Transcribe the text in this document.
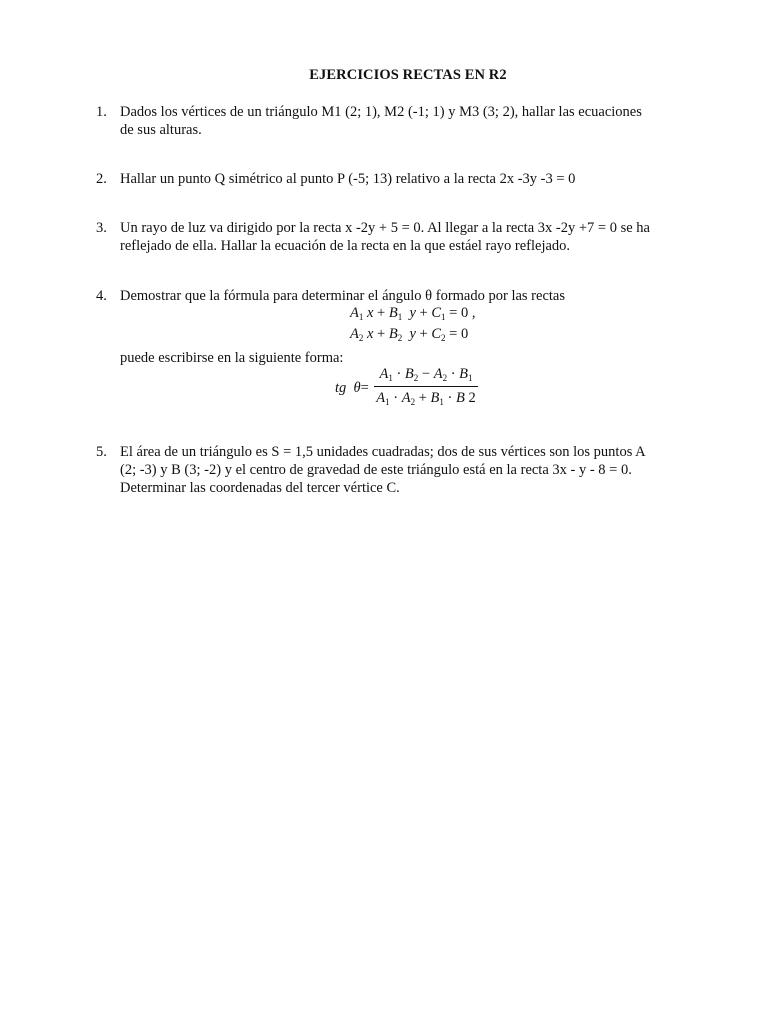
EJERCICIOS RECTAS EN R2
1. Dados los vértices de un triángulo M1 (2; 1), M2 (-1; 1) y M3 (3; 2), hallar las ecuaciones
de sus alturas.
2. Hallar un punto Q simétrico al punto P (-5; 13) relativo a la recta 2x -3y -3 = 0
3. Un rayo de luz va dirigido por la recta x -2y + 5 = 0. Al llegar a la recta 3x -2y +7 = 0 se ha
reflejado de ella. Hallar la ecuación de la recta en la que estáel rayo reflejado.
4. Demostrar que la fórmula para determinar el ángulo θ formado por las rectas
$A_1$ $x + B_1$ $y + C_1 = 0$ ,
$A_2$ $x + B_2$ $y + C_2 = 0$
puede escribirse en la siguiente forma:
tg θ=
$A_1 \cdot B_2 - A_2 \cdot B_1$
$A_1 \cdot A_2 + B_1 \cdot B$ 2
5. El área de un triángulo es S = 1,5 unidades cuadradas; dos de sus vértices son los puntos A
(2; -3) y B (3; -2) y el centro de gravedad de este triángulo está en la recta 3x - y - 8 = 0.
Determinar las coordenadas del tercer vértice C.
